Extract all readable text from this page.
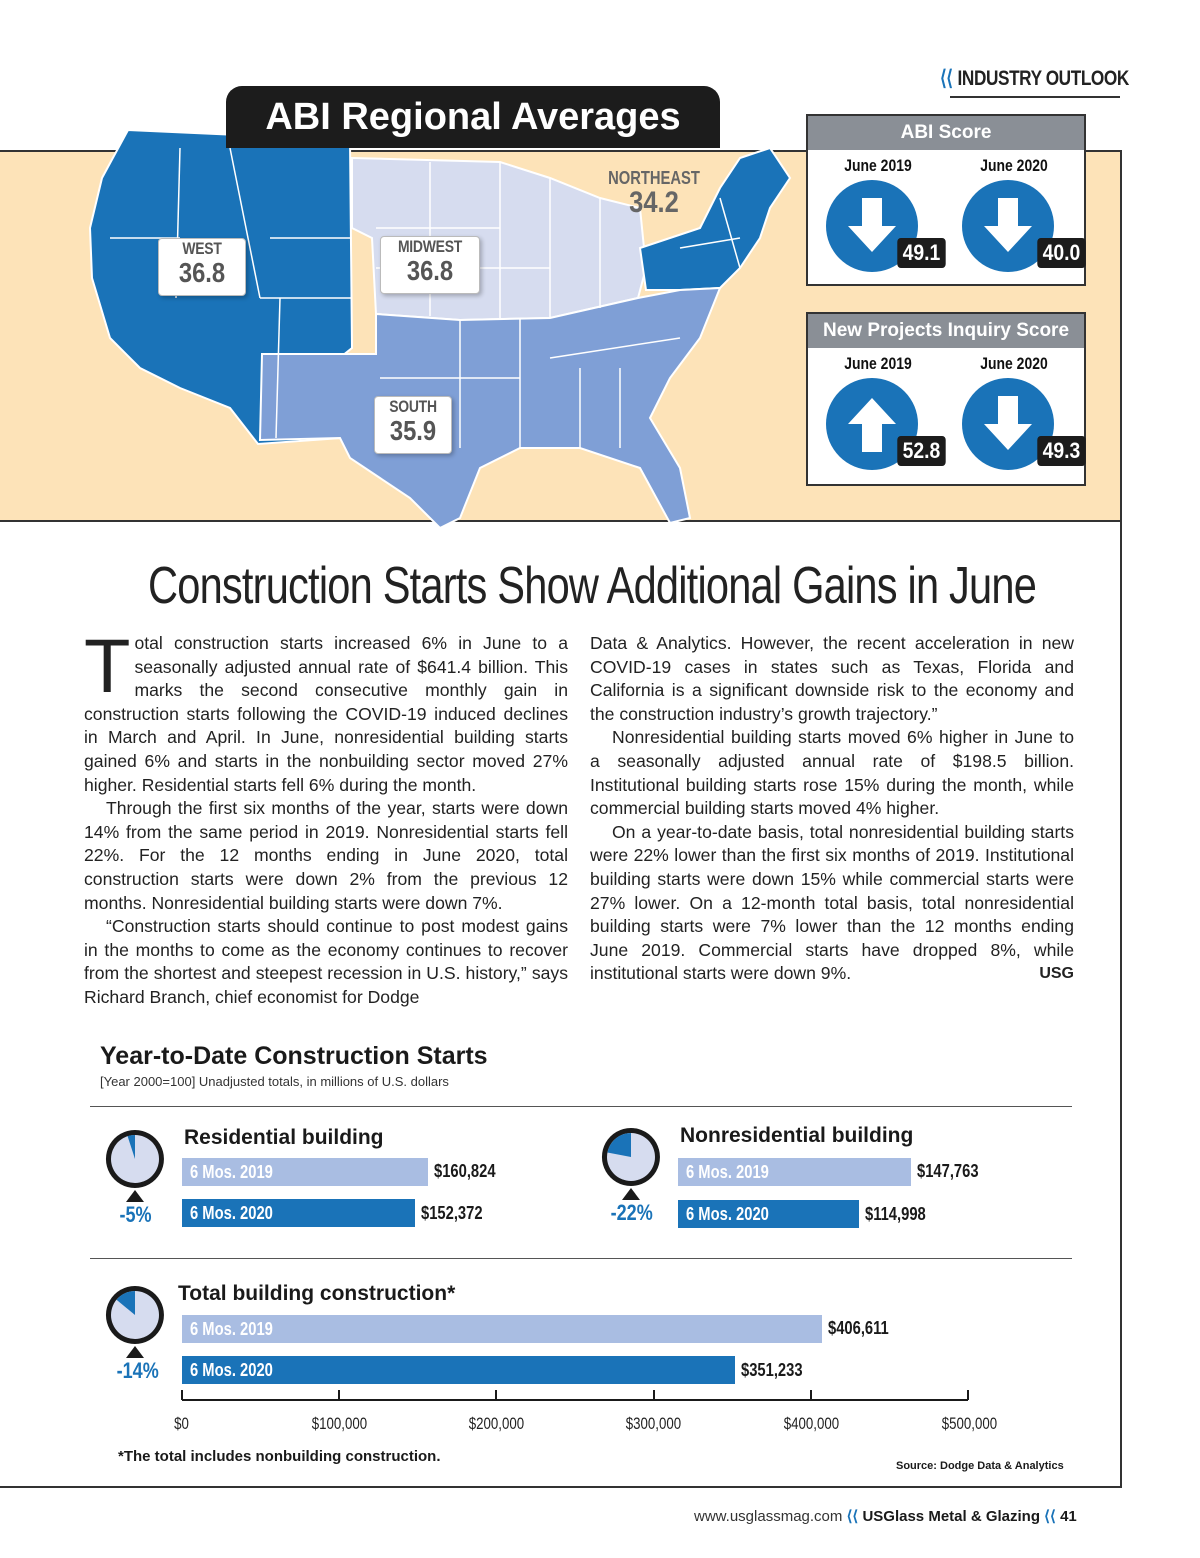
⟨⟨ INDUSTRY OUTLOOK
ABI Regional Averages
WEST
36.8
MIDWEST
36.8
NORTHEAST
34.2
SOUTH
35.9
ABI Score
June 2019
49.1
June 2020
40.0
New Projects Inquiry Score
June 2019
52.8
June 2020
49.3
Construction Starts Show Additional Gains in June

Total construction starts increased 6% in June to a seasonally adjusted annual rate of $641.4 billion. This marks the second consecutive monthly gain in construction starts following the COVID-19 induced declines in March and April. In June, nonresidential building starts gained 6% and starts in the nonbuilding sector moved 27% higher. Residential starts fell 6% during the month.

Through the first six months of the year, starts were down 14% from the same period in 2019. Nonresidential starts fell 22%. For the 12 months ending in June 2020, total construction starts were down 2% from the previous 12 months. Nonresidential building starts were down 7%.

“Construction starts should continue to post modest gains in the months to come as the economy continues to recover from the shortest and steepest recession in U.S. history,” says Richard Branch, chief economist for Dodge

Data & Analytics. However, the recent acceleration in new COVID-19 cases in states such as Texas, Florida and California is a significant downside risk to the economy and the construction industry’s growth trajectory.”

Nonresidential building starts moved 6% higher in June to a seasonally adjusted annual rate of $198.5 billion. Institutional building starts rose 15% during the month, while commercial building starts moved 4% higher.

On a year-to-date basis, total nonresidential building starts were 22% lower than the first six months of 2019. Institutional building starts were down 15% while commercial starts were 27% lower. On a 12-month total basis, total nonresidential building starts were 7% lower than the 12 months ending June 2019. Commercial starts have dropped 8%, while institutional starts were down 9%.	USG

Year-to-Date Construction Starts
[Year 2000=100] Unadjusted totals, in millions of U.S. dollars
Residential building
-5%
6 Mos. 2019	$160,824
6 Mos. 2020	$152,372
Nonresidential building
-22%
6 Mos. 2019	$147,763
6 Mos. 2020	$114,998
Total building construction*
-14%
6 Mos. 2019	$406,611
6 Mos. 2020	$351,233
$0	$100,000	$200,000	$300,000	$400,000	$500,000
*The total includes nonbuilding construction.
Source: Dodge Data & Analytics
www.usglassmag.com ⟨⟨ USGlass Metal & Glazing ⟨⟨ 41
